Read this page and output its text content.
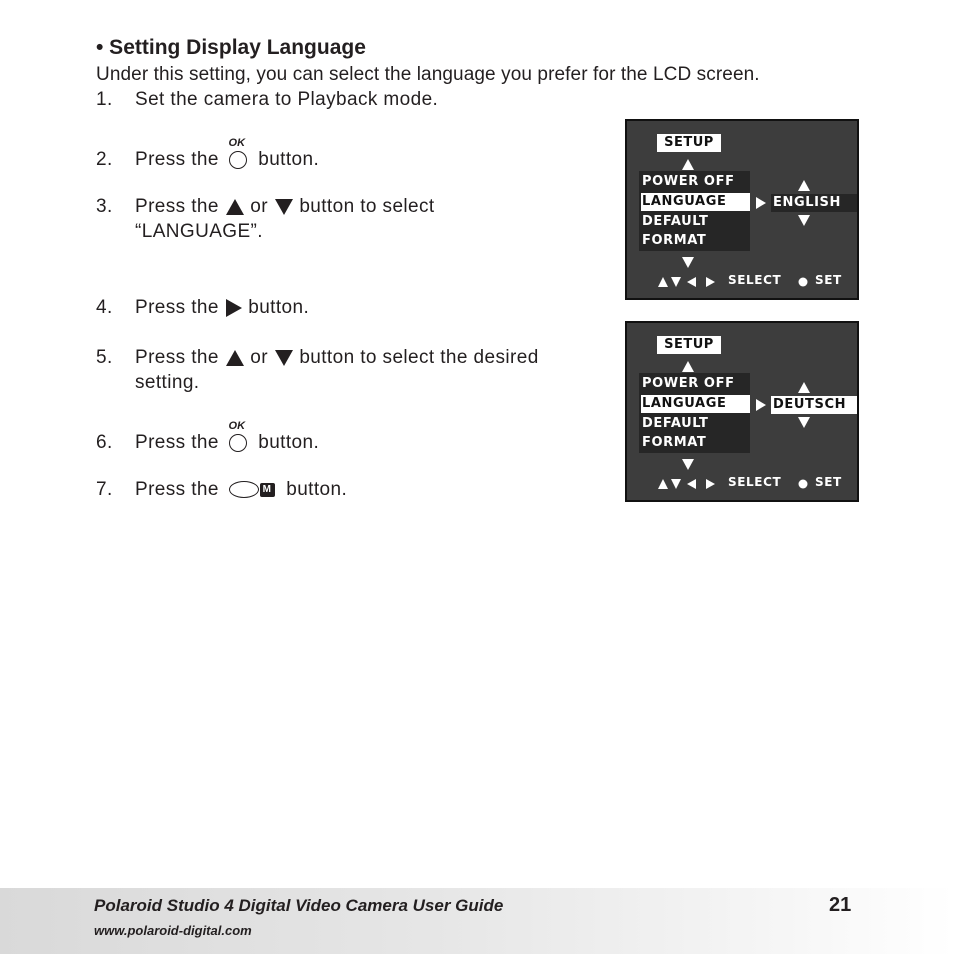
• Setting Display Language
Under this setting, you can select the language you prefer for the LCD screen.
1. Set the camera to Playback mode.
2. Press the
OK
button.
3. Press the or button to select
“LANGUAGE”.
4. Press the button.
5. Press the or button to select the desired
setting.
6. Press the
OK
button.
7. Press the	M button.
SETUP
POWER OFF
LANGUAGE
DEFAULT
FORMAT
ENGLISH
SELECT	SET
SETUP
POWER OFF
LANGUAGE
DEFAULT
FORMAT
DEUTSCH
SELECT	SET
Polaroid Studio 4 Digital Video Camera User Guide
www.polaroid-digital.com
21
